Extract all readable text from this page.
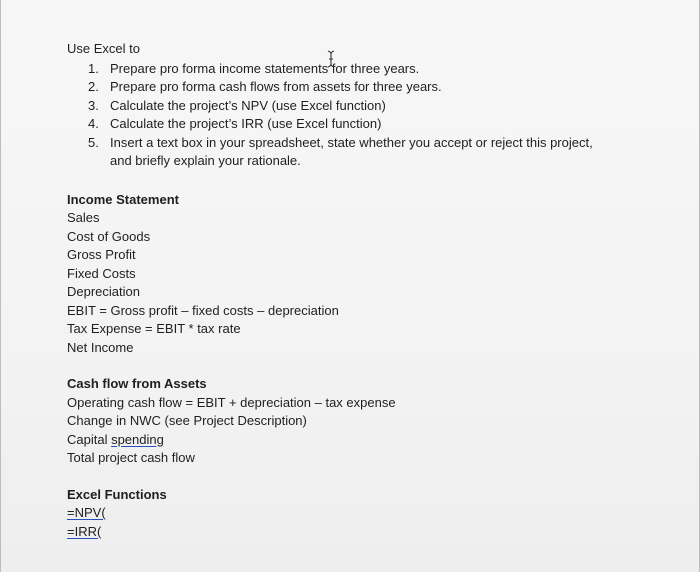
Use Excel to
1. Prepare pro forma income statements for three years.
2. Prepare pro forma cash flows from assets for three years.
3. Calculate the project’s NPV (use Excel function)
4. Calculate the project’s IRR (use Excel function)
5. Insert a text box in your spreadsheet, state whether you accept or reject this project, and briefly explain your rationale.
Income Statement
Sales
Cost of Goods
Gross Profit
Fixed Costs
Depreciation
EBIT = Gross profit – fixed costs – depreciation
Tax Expense = EBIT * tax rate
Net Income
Cash flow from Assets
Operating cash flow = EBIT + depreciation – tax expense
Change in NWC (see Project Description)
Capital spending
Total project cash flow
Excel Functions
=NPV(
=IRR(
